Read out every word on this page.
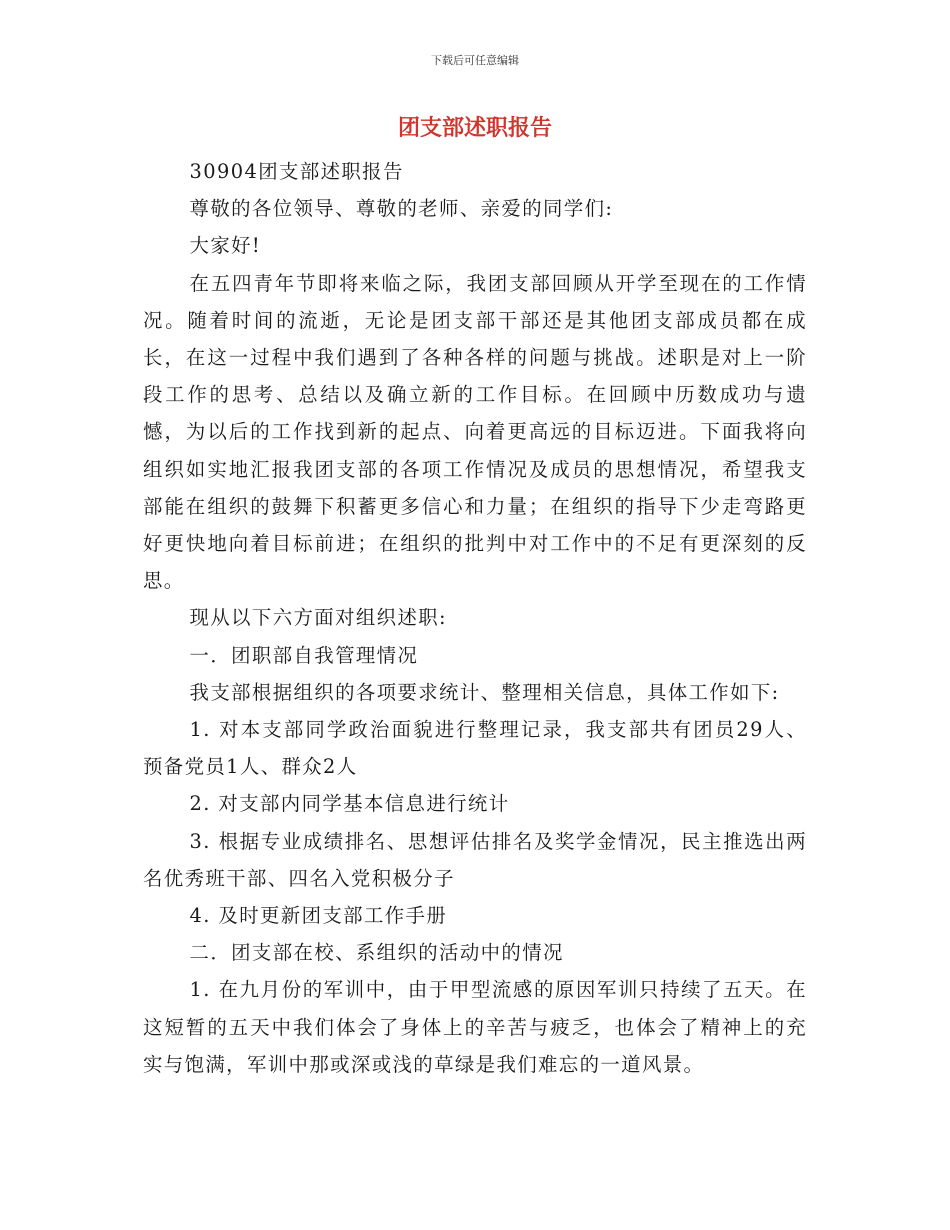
下载后可任意编辑
团支部述职报告

30904团支部述职报告

尊敬的各位领导、尊敬的老师、亲爱的同学们:

大家好!

在五四青年节即将来临之际，我团支部回顾从开学至现在的工作情况。随着时间的流逝，无论是团支部干部还是其他团支部成员都在成长，在这一过程中我们遇到了各种各样的问题与挑战。述职是对上一阶段工作的思考、总结以及确立新的工作目标。在回顾中历数成功与遗憾，为以后的工作找到新的起点、向着更高远的目标迈进。下面我将向组织如实地汇报我团支部的各项工作情况及成员的思想情况，希望我支部能在组织的鼓舞下积蓄更多信心和力量；在组织的指导下少走弯路更好更快地向着目标前进；在组织的批判中对工作中的不足有更深刻的反思。

现从以下六方面对组织述职:

一．团职部自我管理情况

我支部根据组织的各项要求统计、整理相关信息，具体工作如下:

1. 对本支部同学政治面貌进行整理记录，我支部共有团员29人、预备党员1人、群众2人

2. 对支部内同学基本信息进行统计

3. 根据专业成绩排名、思想评估排名及奖学金情况，民主推选出两名优秀班干部、四名入党积极分子

4. 及时更新团支部工作手册

二．团支部在校、系组织的活动中的情况

1. 在九月份的军训中，由于甲型流感的原因军训只持续了五天。在这短暂的五天中我们体会了身体上的辛苦与疲乏，也体会了精神上的充实与饱满，军训中那或深或浅的草绿是我们难忘的一道风景。
